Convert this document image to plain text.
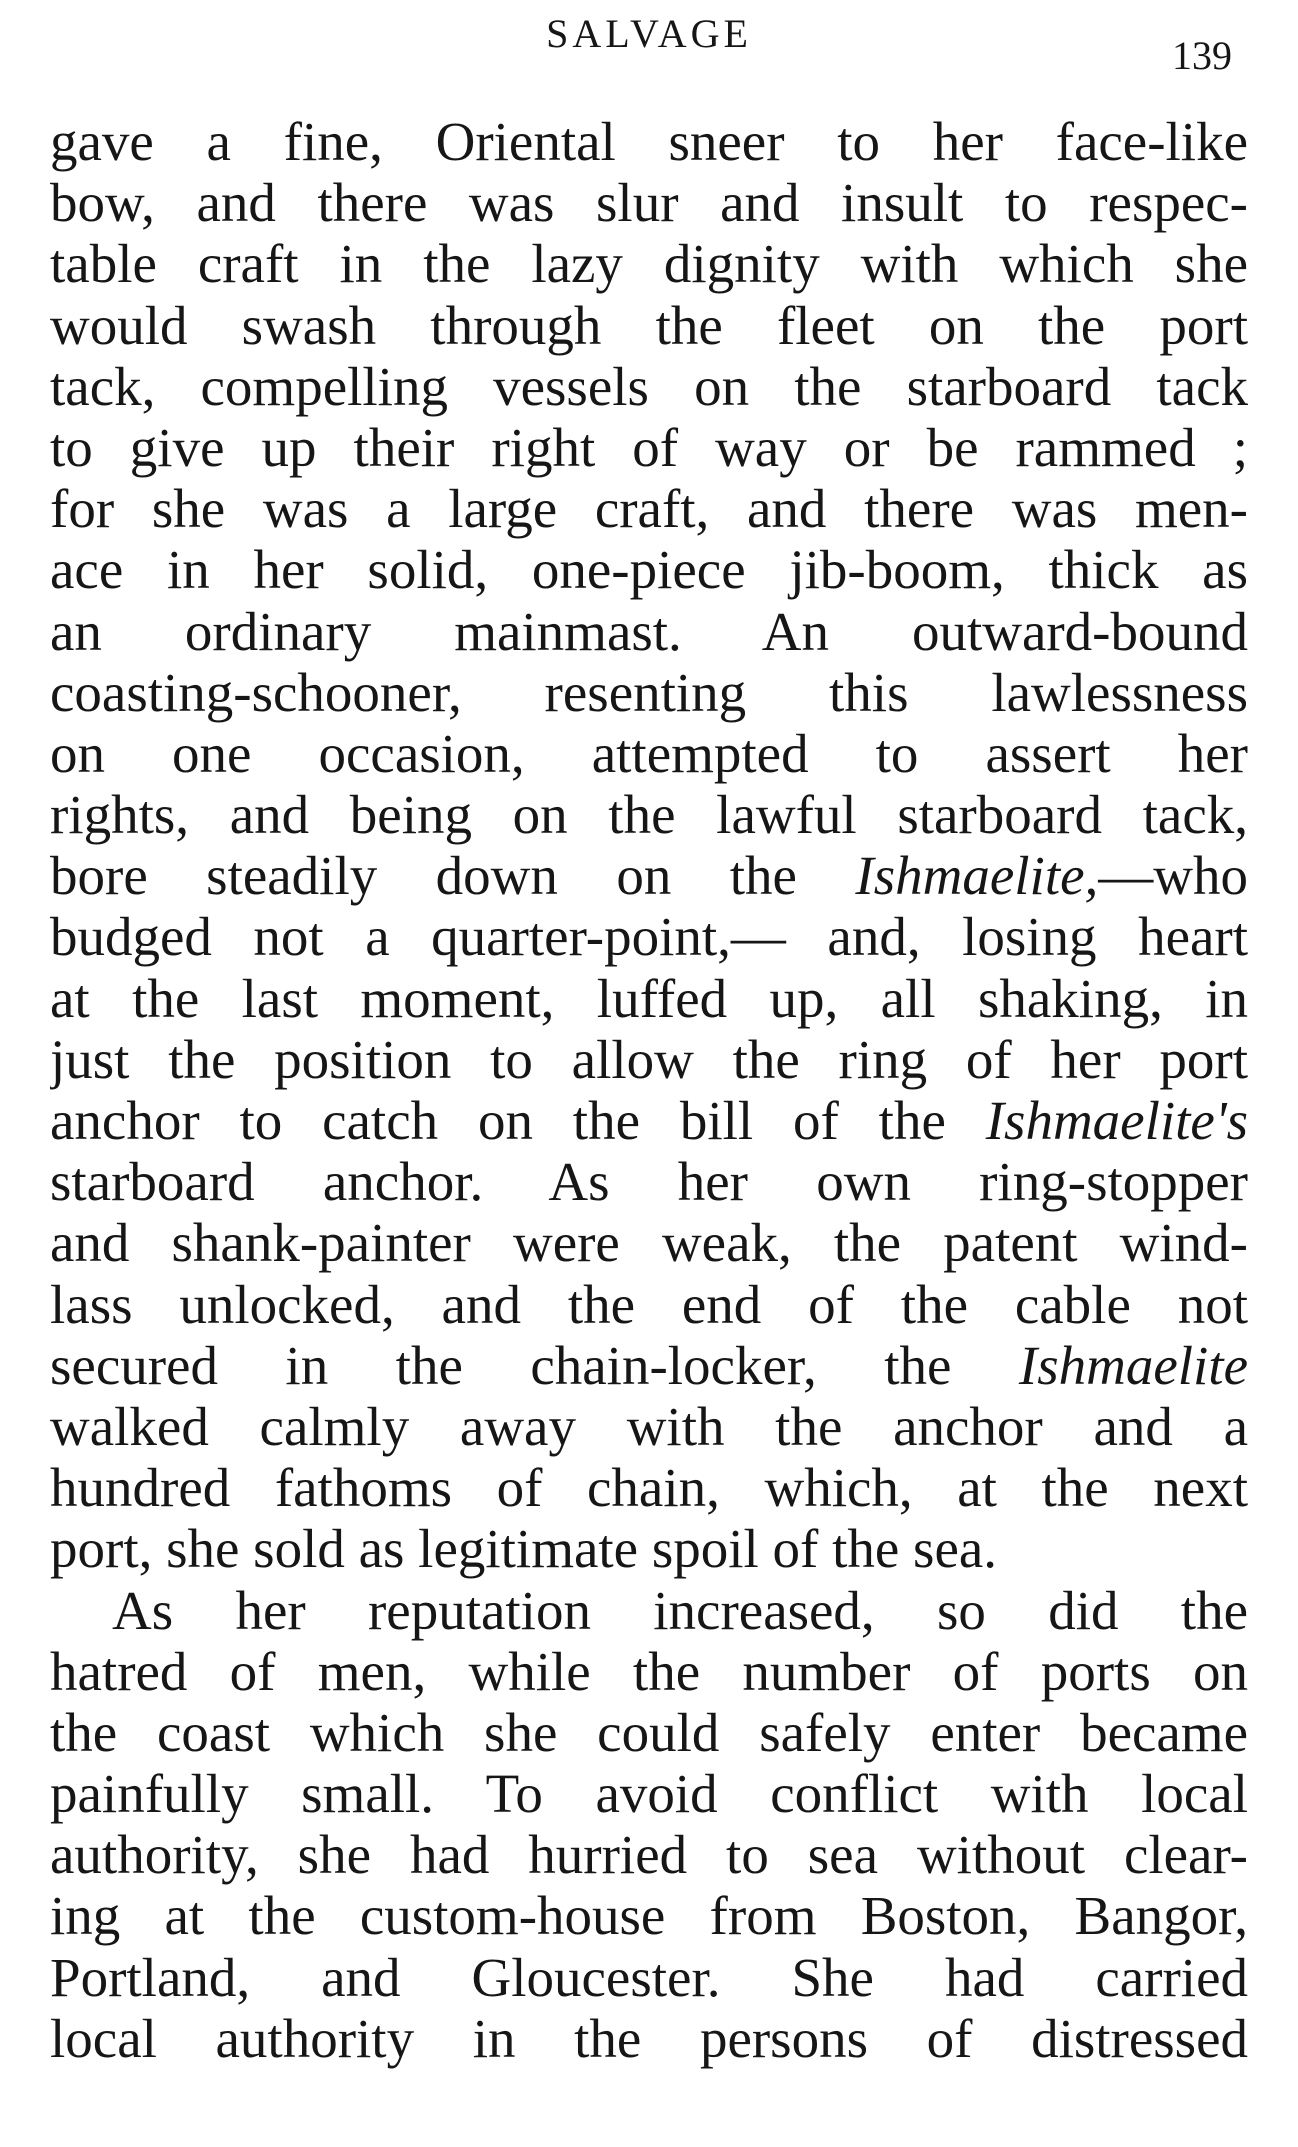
SALVAGE	139
gave a fine, Oriental sneer to her face-like
bow, and there was slur and insult to respec-
table craft in the lazy dignity with which she
would swash through the fleet on the port
tack, compelling vessels on the starboard tack
to give up their right of way or be rammed ;
for she was a large craft, and there was men-
ace in her solid, one-piece jib-boom, thick as
an ordinary mainmast. An outward-bound
coasting-schooner, resenting this lawlessness
on one occasion, attempted to assert her
rights, and being on the lawful starboard tack,
bore steadily down on the Ishmaelite,—who
budged not a quarter-point,— and, losing heart
at the last moment, luffed up, all shaking, in
just the position to allow the ring of her port
anchor to catch on the bill of the Ishmaelite's
starboard anchor. As her own ring-stopper
and shank-painter were weak, the patent wind-
lass unlocked, and the end of the cable not
secured in the chain-locker, the Ishmaelite
walked calmly away with the anchor and a
hundred fathoms of chain, which, at the next
port, she sold as legitimate spoil of the sea.
As her reputation increased, so did the
hatred of men, while the number of ports on
the coast which she could safely enter became
painfully small. To avoid conflict with local
authority, she had hurried to sea without clear-
ing at the custom-house from Boston, Bangor,
Portland, and Gloucester. She had carried
local authority in the persons of distressed
